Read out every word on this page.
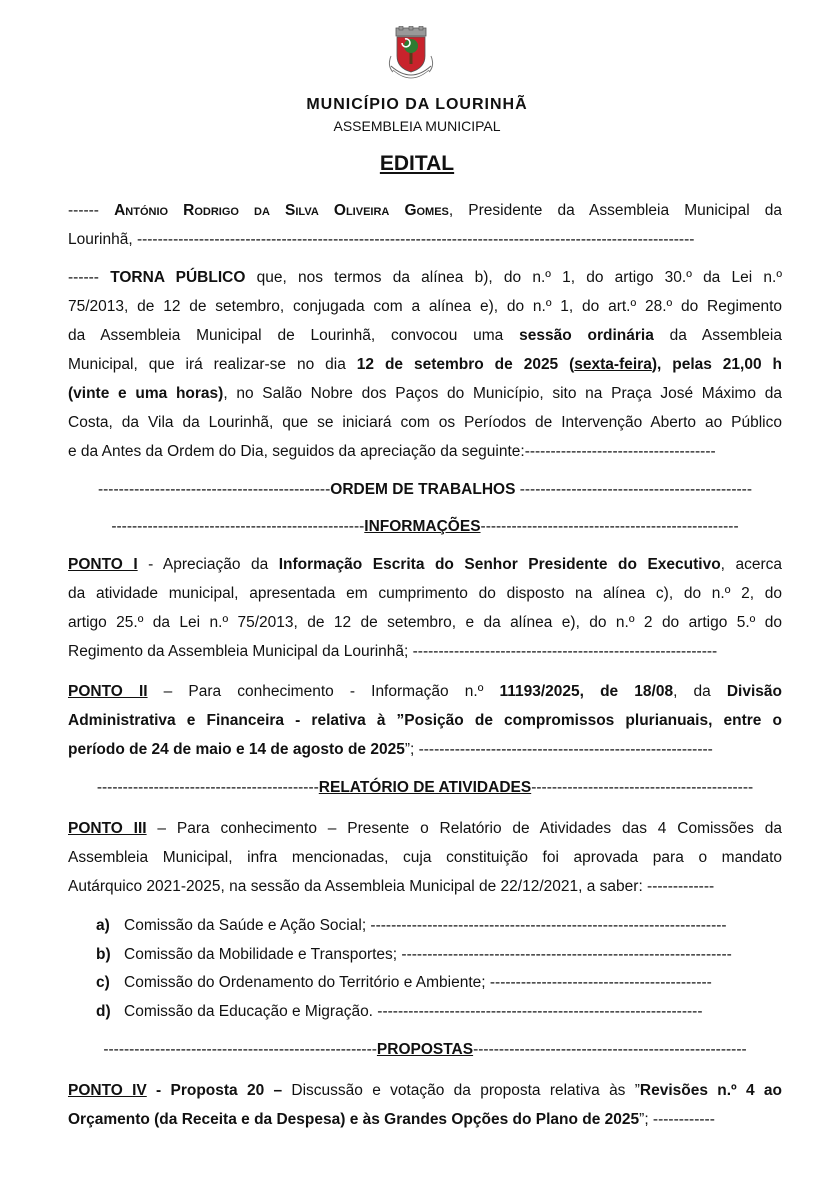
MUNICÍPIO DA LOURINHÃ
ASSEMBLEIA MUNICIPAL
EDITAL
------ António Rodrigo da Silva Oliveira Gomes, Presidente da Assembleia Municipal da
Lourinhã, ------------------------------------------------------------------------------------------------------------
------ TORNA PÚBLICO que, nos termos da alínea b), do n.º 1, do artigo 30.º da Lei n.º
75/2013, de 12 de setembro, conjugada com a alínea e), do n.º 1, do art.º 28.º do Regimento
da Assembleia Municipal de Lourinhã, convocou uma sessão ordinária da Assembleia
Municipal, que irá realizar-se no dia 12 de setembro de 2025 (sexta-feira), pelas 21,00 h
(vinte e uma horas), no Salão Nobre dos Paços do Município, sito na Praça José Máximo da
Costa, da Vila da Lourinhã, que se iniciará com os Períodos de Intervenção Aberto ao Público
e da Antes da Ordem do Dia, seguidos da apreciação da seguinte:-------------------------------------
---------------------------------------------ORDEM DE TRABALHOS ---------------------------------------------
-------------------------------------------------INFORMAÇÕES--------------------------------------------------
PONTO I - Apreciação da Informação Escrita do Senhor Presidente do Executivo, acerca
da atividade municipal, apresentada em cumprimento do disposto na alínea c), do n.º 2, do
artigo 25.º da Lei n.º 75/2013, de 12 de setembro, e da alínea e), do n.º 2 do artigo 5.º do
Regimento da Assembleia Municipal da Lourinhã; -----------------------------------------------------------
PONTO II – Para conhecimento - Informação n.º 11193/2025, de 18/08, da Divisão
Administrativa e Financeira - relativa à ”Posição de compromissos plurianuais, entre o
período de 24 de maio e 14 de agosto de 2025”; ---------------------------------------------------------
-------------------------------------------RELATÓRIO DE ATIVIDADES-------------------------------------------
PONTO III – Para conhecimento – Presente o Relatório de Atividades das 4 Comissões da
Assembleia Municipal, infra mencionadas, cuja constituição foi aprovada para o mandato
Autárquico 2021-2025, na sessão da Assembleia Municipal de 22/12/2021, a saber: -------------
a) Comissão da Saúde e Ação Social; ---------------------------------------------------------------------
b) Comissão da Mobilidade e Transportes; ----------------------------------------------------------------
c) Comissão do Ordenamento do Território e Ambiente; -------------------------------------------
d) Comissão da Educação e Migração. ---------------------------------------------------------------
-----------------------------------------------------PROPOSTAS-----------------------------------------------------
PONTO IV - Proposta 20 – Discussão e votação da proposta relativa às ”Revisões n.º 4 ao
Orçamento (da Receita e da Despesa) e às Grandes Opções do Plano de 2025”; ------------
